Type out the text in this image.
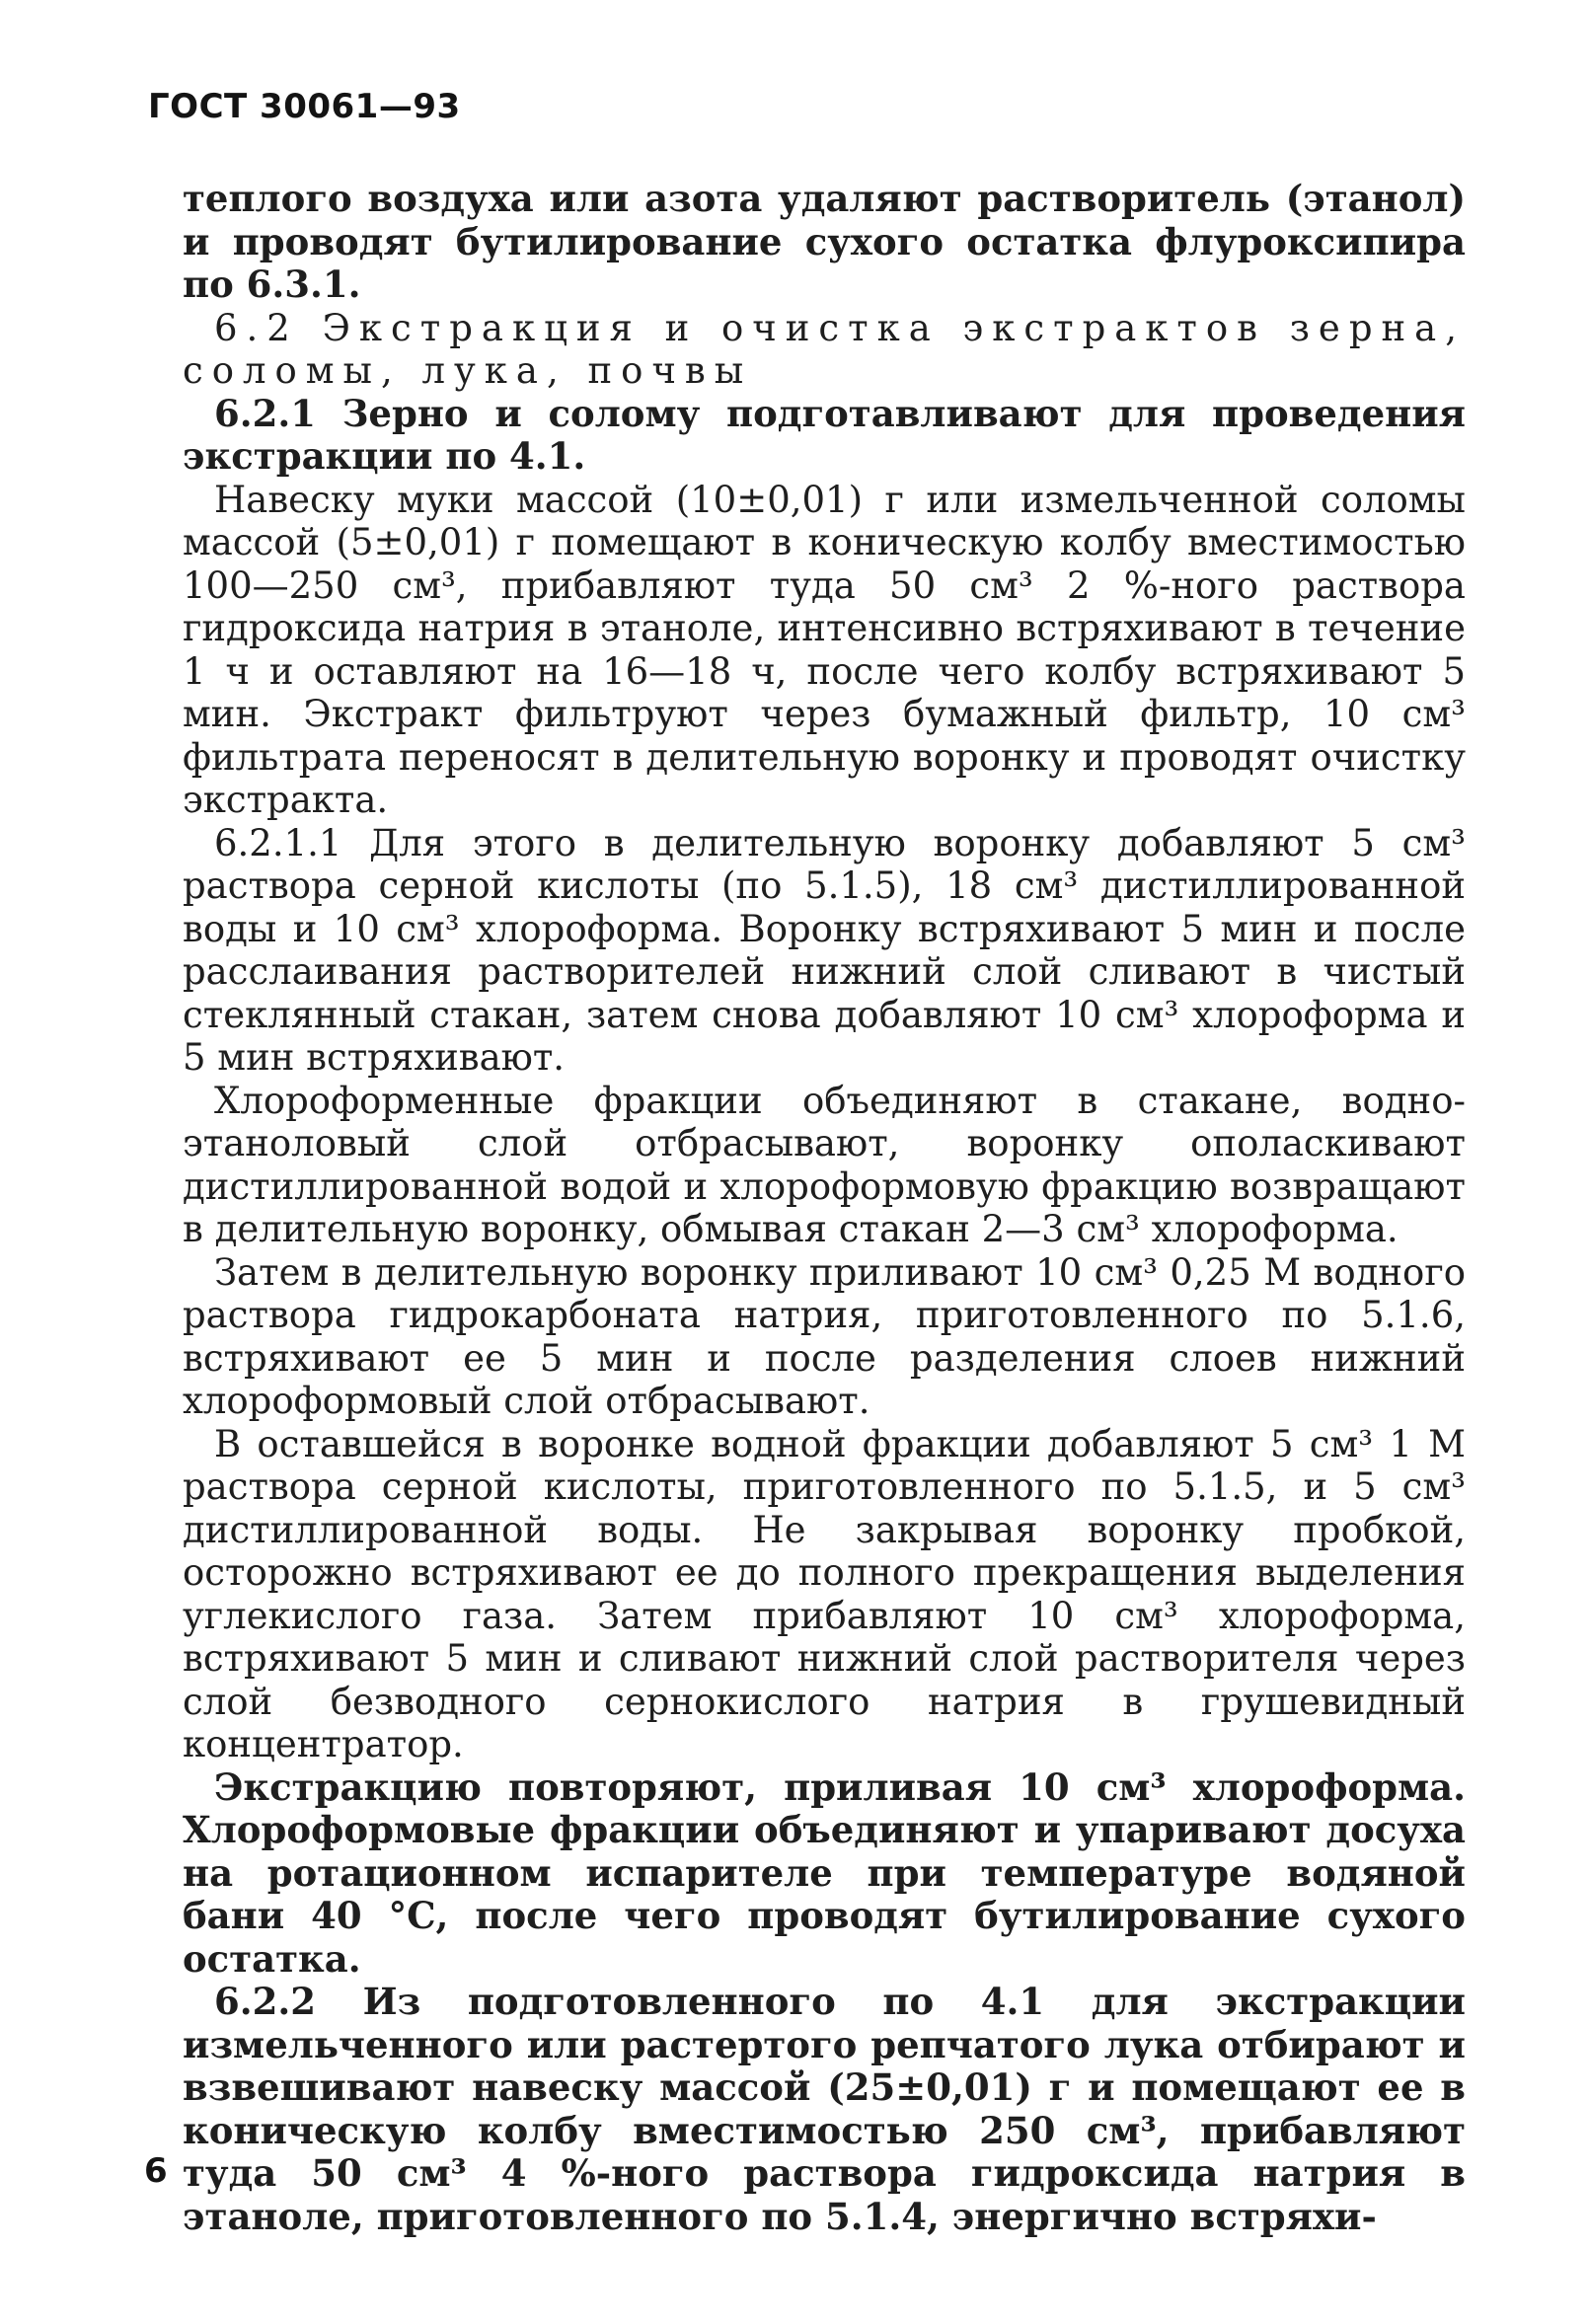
ГОСТ 30061—93

теплого воздуха или азота удаляют растворитель (этанол) и проводят бутилирование сухого остатка флуроксипира по 6.3.1.

6.2 Экстракция и очистка экстрактов зерна, соломы, лука, почвы

6.2.1 Зерно и солому подготавливают для проведения экстракции по 4.1.

Навеску муки массой (10±0,01) г или измельченной соломы массой (5±0,01) г помещают в коническую колбу вместимостью 100—250 см³, прибавляют туда 50 см³ 2 %-ного раствора гидроксида натрия в этаноле, интенсивно встряхивают в течение 1 ч и оставляют на 16—18 ч, после чего колбу встряхивают 5 мин. Экстракт фильтруют через бумажный фильтр, 10 см³ фильтрата переносят в делительную воронку и проводят очистку экстракта.

6.2.1.1 Для этого в делительную воронку добавляют 5 см³ раствора серной кислоты (по 5.1.5), 18 см³ дистиллированной воды и 10 см³ хлороформа. Воронку встряхивают 5 мин и после расслаивания растворителей нижний слой сливают в чистый стеклянный стакан, затем снова добавляют 10 см³ хлороформа и 5 мин встряхивают.

Хлороформенные фракции объединяют в стакане, водно-этаноловый слой отбрасывают, воронку ополаскивают дистиллированной водой и хлороформовую фракцию возвращают в делительную воронку, обмывая стакан 2—3 см³ хлороформа.

Затем в делительную воронку приливают 10 см³ 0,25 М водного раствора гидрокарбоната натрия, приготовленного по 5.1.6, встряхивают ее 5 мин и после разделения слоев нижний хлороформовый слой отбрасывают.

В оставшейся в воронке водной фракции добавляют 5 см³ 1 М раствора серной кислоты, приготовленного по 5.1.5, и 5 см³ дистиллированной воды. Не закрывая воронку пробкой, осторожно встряхивают ее до полного прекращения выделения углекислого газа. Затем прибавляют 10 см³ хлороформа, встряхивают 5 мин и сливают нижний слой растворителя через слой безводного сернокислого натрия в грушевидный концентратор.

Экстракцию повторяют, приливая 10 см³ хлороформа. Хлороформовые фракции объединяют и упаривают досуха на ротационном испарителе при температуре водяной бани 40 °С, после чего проводят бутилирование сухого остатка.

6.2.2 Из подготовленного по 4.1 для экстракции измельченного или растертого репчатого лука отбирают и взвешивают навеску массой (25±0,01) г и помещают ее в коническую колбу вместимостью 250 см³, прибавляют туда 50 см³ 4 %-ного раствора гидроксида натрия в этаноле, приготовленного по 5.1.4, энергично встряхи-

6
